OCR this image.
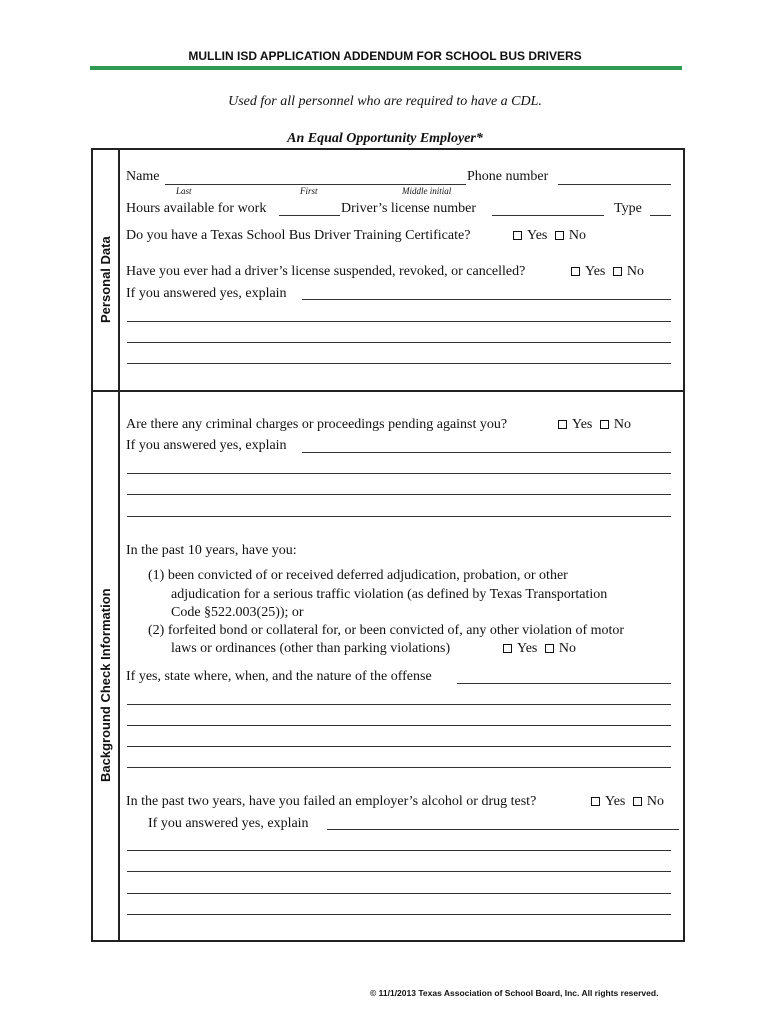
MULLIN ISD APPLICATION ADDENDUM FOR SCHOOL BUS DRIVERS
Used for all personnel who are required to have a CDL.
An Equal Opportunity Employer*
Personal Data
Background Check Information
Name	Phone number
Last	First	Middle initial
Hours available for work	Driver’s license number	Type
Do you have a Texas School Bus Driver Training Certificate?	Yes No
Have you ever had a driver’s license suspended, revoked, or cancelled?	Yes No
If you answered yes, explain
Are there any criminal charges or proceedings pending against you?	Yes No
If you answered yes, explain
In the past 10 years, have you:
(1) been convicted of or received deferred adjudication, probation, or other
adjudication for a serious traffic violation (as defined by Texas Transportation
Code §522.003(25)); or
(2) forfeited bond or collateral for, or been convicted of, any other violation of motor
laws or ordinances (other than parking violations)	Yes No
If yes, state where, when, and the nature of the offense
In the past two years, have you failed an employer’s alcohol or drug test?	Yes No
If you answered yes, explain
© 11/1/2013 Texas Association of School Board, Inc. All rights reserved.
